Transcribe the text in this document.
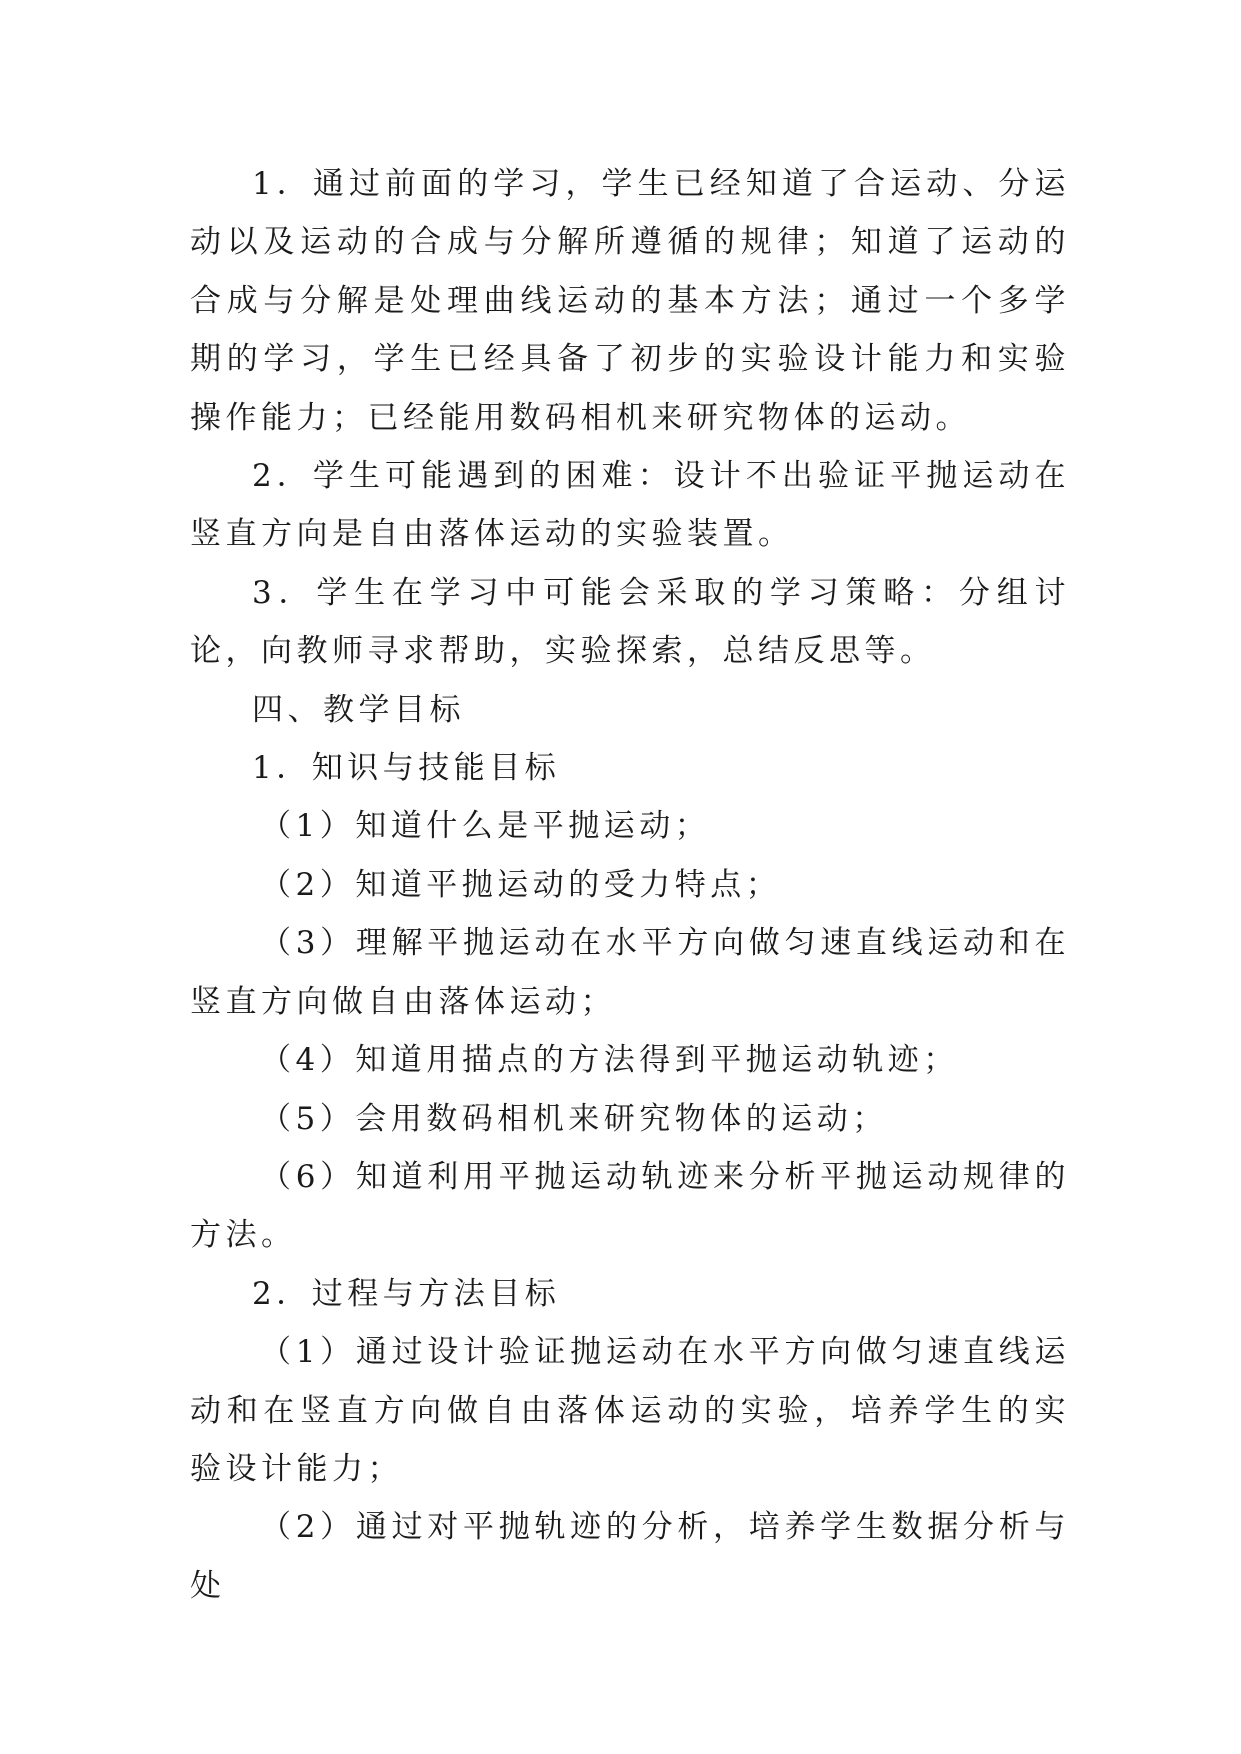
1．通过前面的学习，学生已经知道了合运动、分运动以及运动的合成与分解所遵循的规律；知道了运动的合成与分解是处理曲线运动的基本方法；通过一个多学期的学习，学生已经具备了初步的实验设计能力和实验操作能力；已经能用数码相机来研究物体的运动。

2．学生可能遇到的困难：设计不出验证平抛运动在竖直方向是自由落体运动的实验装置。

3．学生在学习中可能会采取的学习策略：分组讨论，向教师寻求帮助，实验探索，总结反思等。

四、教学目标

1．知识与技能目标

（1）知道什么是平抛运动；

（2）知道平抛运动的受力特点；

（3）理解平抛运动在水平方向做匀速直线运动和在竖直方向做自由落体运动；

（4）知道用描点的方法得到平抛运动轨迹；

（5）会用数码相机来研究物体的运动；

（6）知道利用平抛运动轨迹来分析平抛运动规律的方法。

2．过程与方法目标

（1）通过设计验证抛运动在水平方向做匀速直线运动和在竖直方向做自由落体运动的实验，培养学生的实验设计能力；

（2）通过对平抛轨迹的分析，培养学生数据分析与处
